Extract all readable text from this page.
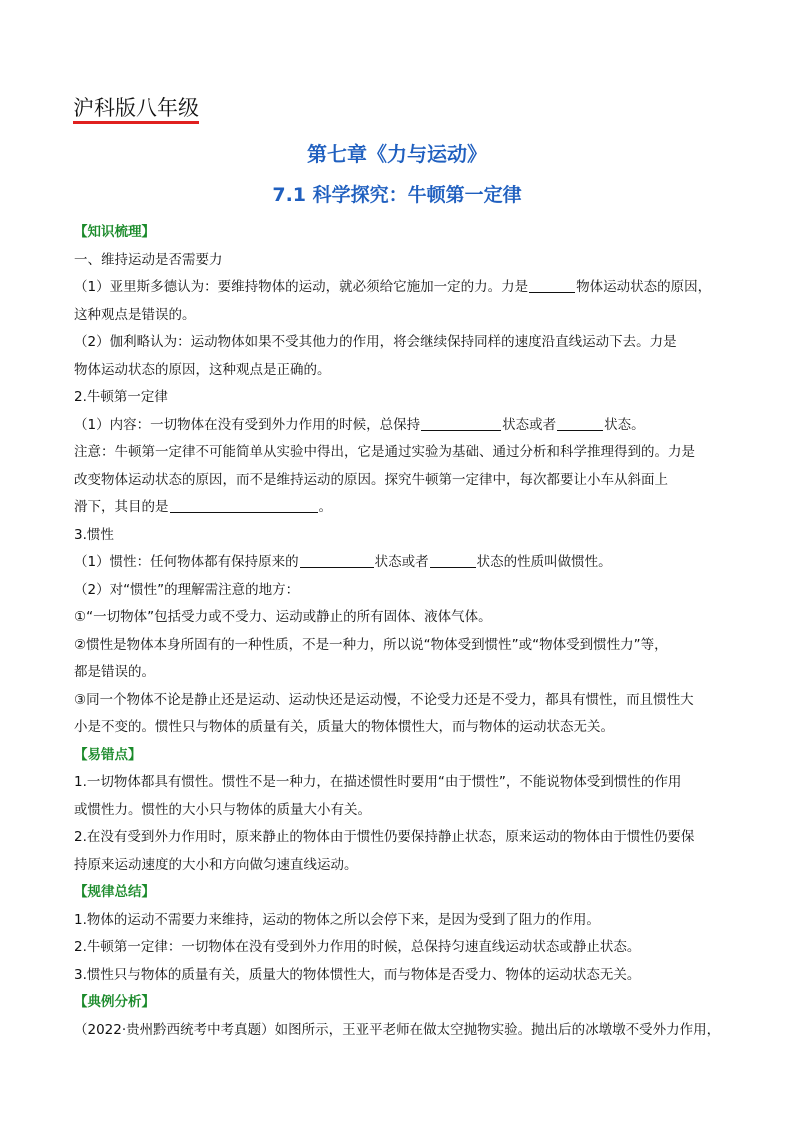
沪科版八年级
第七章《力与运动》
7.1 科学探究：牛顿第一定律
【知识梳理】
一、维持运动是否需要力
（1）亚里斯多德认为：要维持物体的运动，就必须给它施加一定的力。力是	物体运动状态的原因，
这种观点是错误的。
（2）伽利略认为：运动物体如果不受其他力的作用，将会继续保持同样的速度沿直线运动下去。力是
物体运动状态的原因，这种观点是正确的。
2.牛顿第一定律
（1）内容：一切物体在没有受到外力作用的时候，总保持	状态或者	状态。
注意：牛顿第一定律不可能简单从实验中得出，它是通过实验为基础、通过分析和科学推理得到的。力是
改变物体运动状态的原因，而不是维持运动的原因。探究牛顿第一定律中，每次都要让小车从斜面上
滑下，其目的是	。
3.惯性
（1）惯性：任何物体都有保持原来的	状态或者	状态的性质叫做惯性。
（2）对“惯性”的理解需注意的地方：
①“一切物体”包括受力或不受力、运动或静止的所有固体、液体气体。
②惯性是物体本身所固有的一种性质，不是一种力，所以说“物体受到惯性”或“物体受到惯性力”等，
都是错误的。
③同一个物体不论是静止还是运动、运动快还是运动慢，不论受力还是不受力，都具有惯性，而且惯性大
小是不变的。惯性只与物体的质量有关，质量大的物体惯性大，而与物体的运动状态无关。
【易错点】
1.一切物体都具有惯性。惯性不是一种力，在描述惯性时要用“由于惯性”，不能说物体受到惯性的作用
或惯性力。惯性的大小只与物体的质量大小有关。
2.在没有受到外力作用时，原来静止的物体由于惯性仍要保持静止状态，原来运动的物体由于惯性仍要保
持原来运动速度的大小和方向做匀速直线运动。
【规律总结】
1.物体的运动不需要力来维持，运动的物体之所以会停下来，是因为受到了阻力的作用。
2.牛顿第一定律：一切物体在没有受到外力作用的时候，总保持匀速直线运动状态或静止状态。
3.惯性只与物体的质量有关，质量大的物体惯性大，而与物体是否受力、物体的运动状态无关。
【典例分析】
（2022·贵州黔西统考中考真题）如图所示，王亚平老师在做太空抛物实验。抛出后的冰墩墩不受外力作用，
